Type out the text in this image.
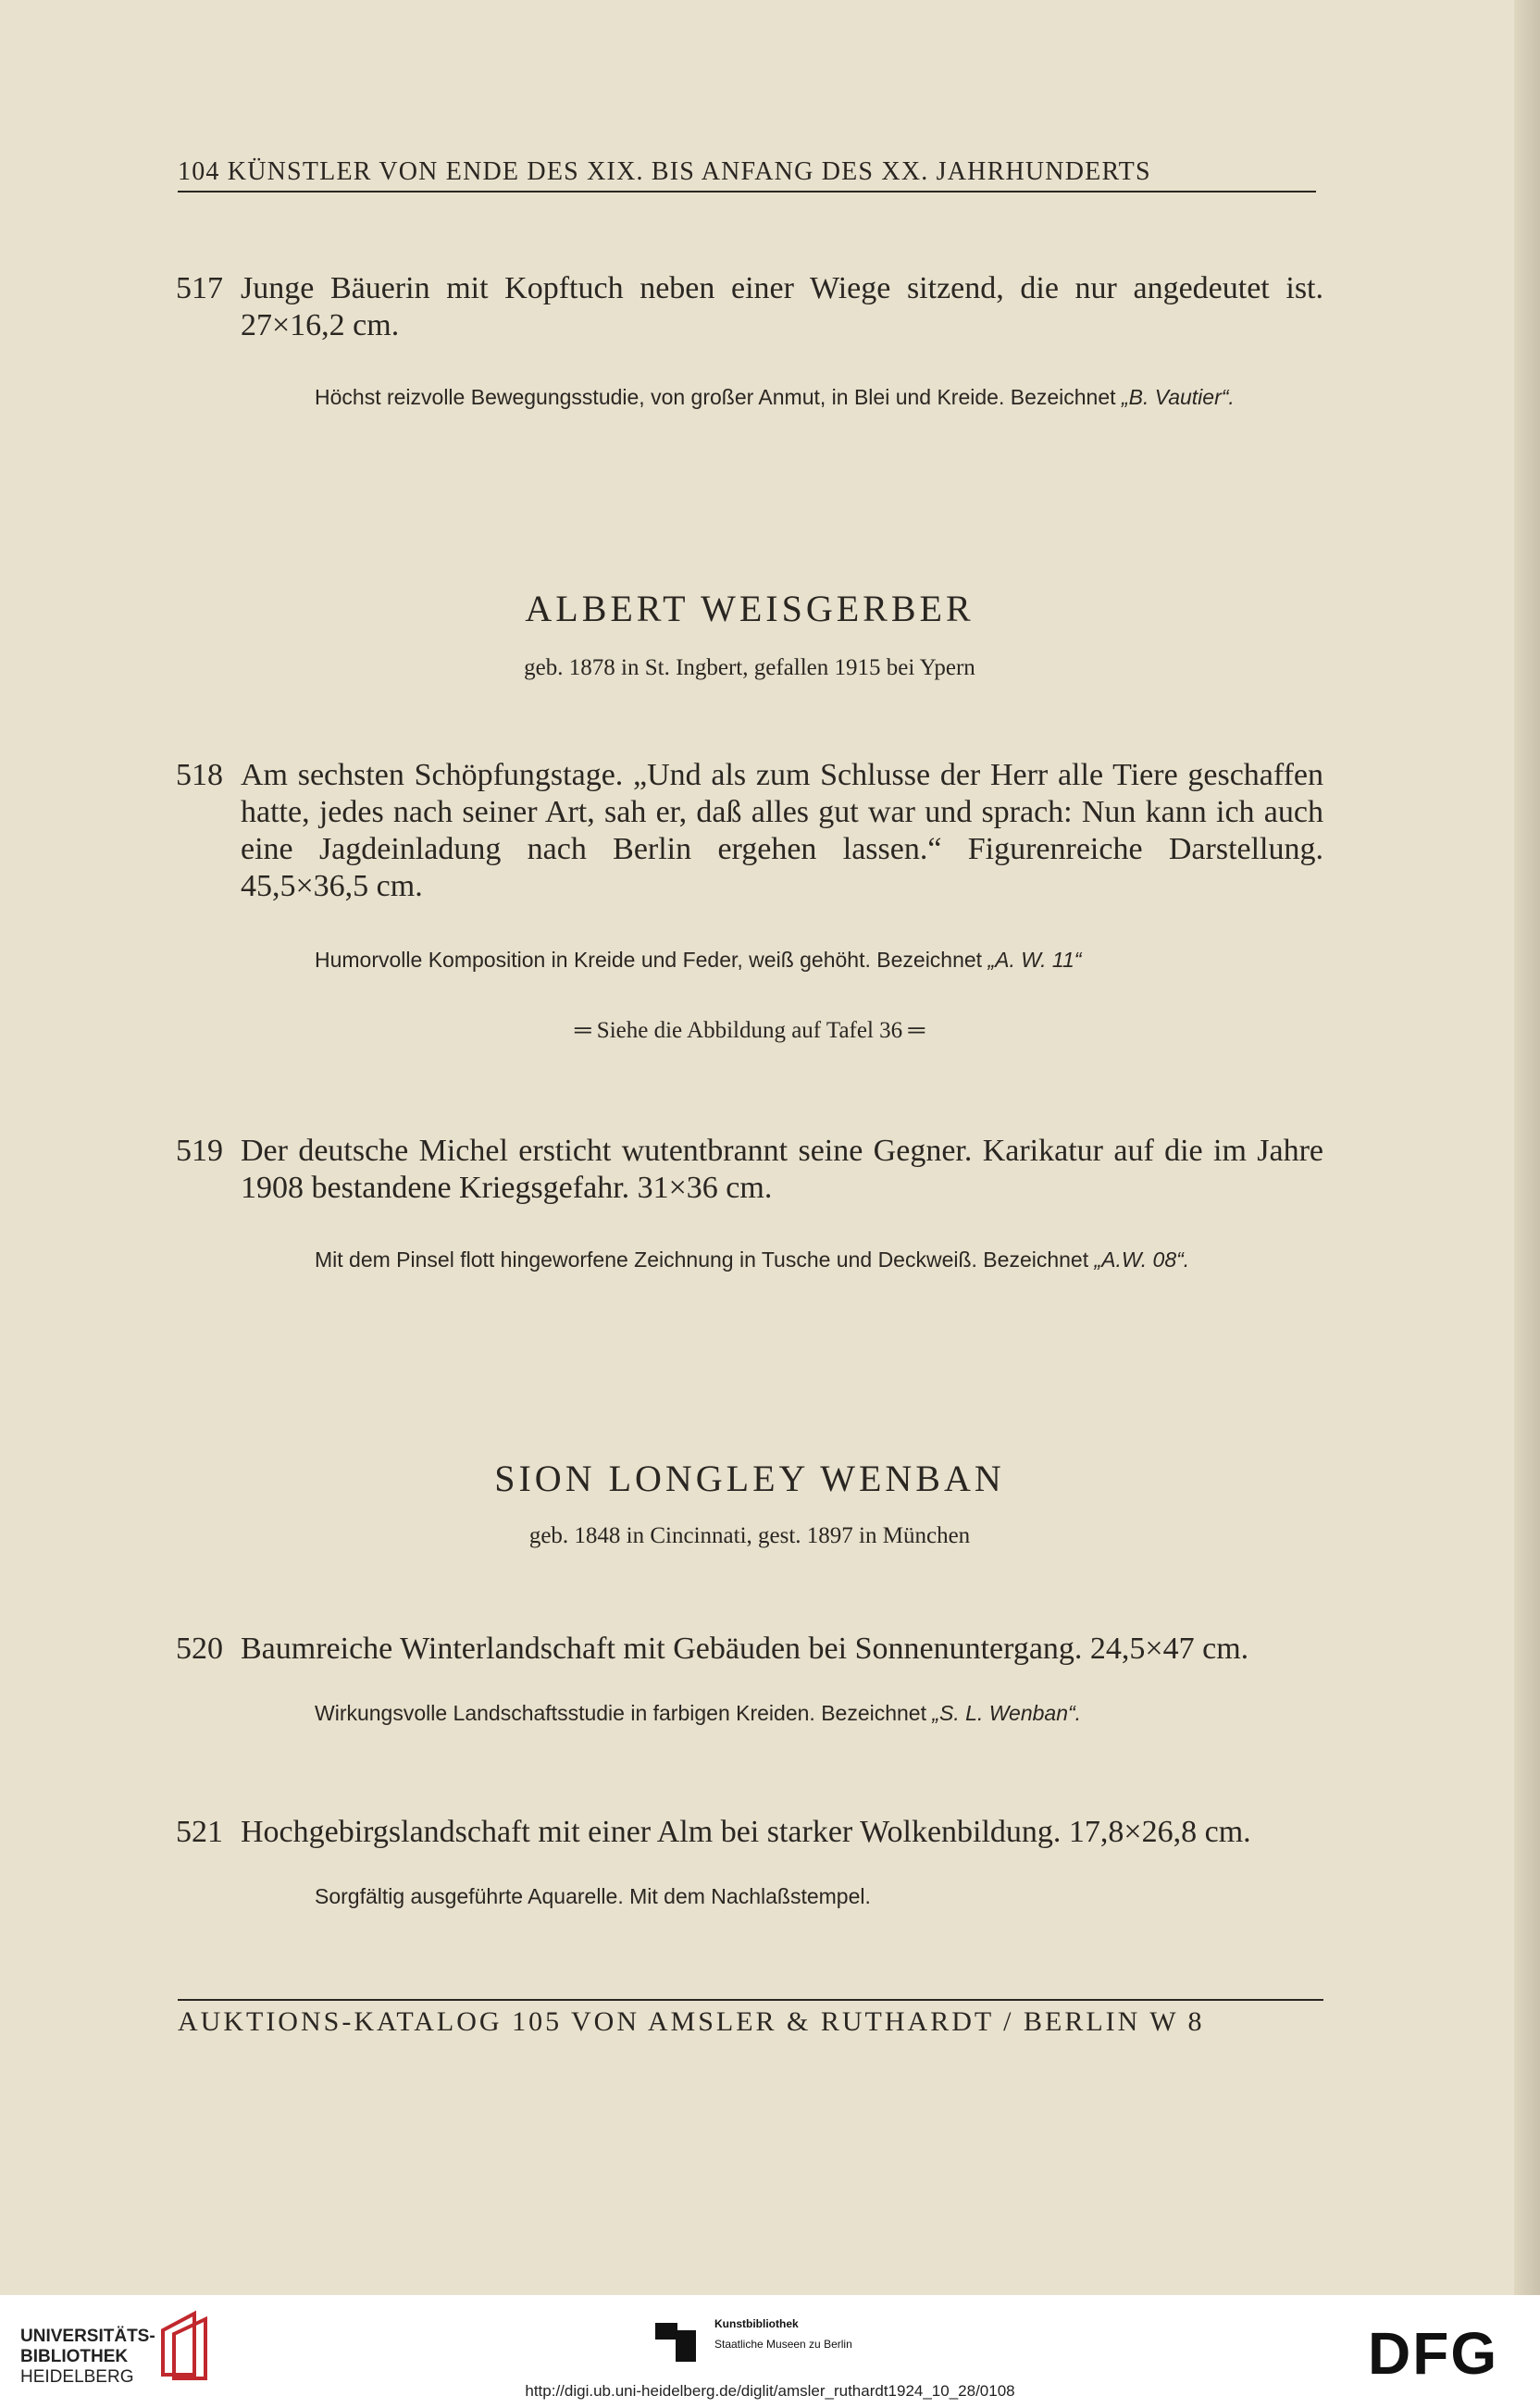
104 KÜNSTLER VON ENDE DES XIX. BIS ANFANG DES XX. JAHRHUNDERTS
517 Junge Bäuerin mit Kopftuch neben einer Wiege sitzend, die nur angedeutet ist. 27×16,2 cm.
Höchst reizvolle Bewegungsstudie, von großer Anmut, in Blei und Kreide. Bezeichnet „B. Vautier“.
ALBERT WEISGERBER
geb. 1878 in St. Ingbert, gefallen 1915 bei Ypern
518 Am sechsten Schöpfungstage. „Und als zum Schlusse der Herr alle Tiere geschaffen hatte, jedes nach seiner Art, sah er, daß alles gut war und sprach: Nun kann ich auch eine Jagdeinladung nach Berlin ergehen lassen.“ Figurenreiche Darstellung. 45,5×36,5 cm.
Humorvolle Komposition in Kreide und Feder, weiß gehöht. Bezeichnet „A. W. 11“
═ Siehe die Abbildung auf Tafel 36 ═
519 Der deutsche Michel ersticht wutentbrannt seine Gegner. Karikatur auf die im Jahre 1908 bestandene Kriegsgefahr. 31×36 cm.
Mit dem Pinsel flott hingeworfene Zeichnung in Tusche und Deckweiß. Bezeichnet „A.W. 08“.
SION LONGLEY WENBAN
geb. 1848 in Cincinnati, gest. 1897 in München
520 Baumreiche Winterlandschaft mit Gebäuden bei Sonnenuntergang. 24,5×47 cm.
Wirkungsvolle Landschaftsstudie in farbigen Kreiden. Bezeichnet „S. L. Wenban“.
521 Hochgebirgslandschaft mit einer Alm bei starker Wolkenbildung. 17,8×26,8 cm.
Sorgfältig ausgeführte Aquarelle. Mit dem Nachlaßstempel.
AUKTIONS-KATALOG 105 VON AMSLER & RUTHARDT / BERLIN W 8
UNIVERSITÄTS-
BIBLIOTHEK
HEIDELBERG
Kunstbibliothek
Staatliche Museen zu Berlin	DFG
http://digi.ub.uni-heidelberg.de/diglit/amsler_ruthardt1924_10_28/0108
